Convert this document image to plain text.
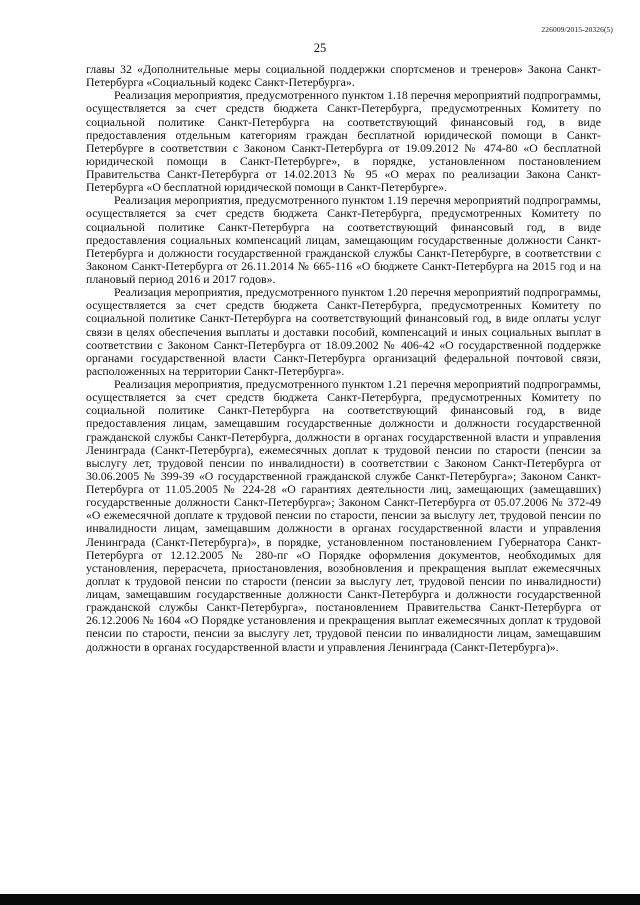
226009/2015-20326(5)
25

главы 32 «Дополнительные меры социальной поддержки спортсменов и тренеров» Закона Санкт-Петербурга «Социальный кодекс Санкт-Петербурга».

Реализация мероприятия, предусмотренного пунктом 1.18 перечня мероприятий подпрограммы, осуществляется за счет средств бюджета Санкт-Петербурга, предусмотренных Комитету по социальной политике Санкт-Петербурга на соответствующий финансовый год, в виде предоставления отдельным категориям граждан бесплатной юридической помощи в Санкт-Петербурге в соответствии с Законом Санкт-Петербурга от 19.09.2012 № 474-80 «О бесплатной юридической помощи в Санкт-Петербурге», в порядке, установленном постановлением Правительства Санкт-Петербурга от 14.02.2013 № 95 «О мерах по реализации Закона Санкт-Петербурга «О бесплатной юридической помощи в Санкт-Петербурге».

Реализация мероприятия, предусмотренного пунктом 1.19 перечня мероприятий подпрограммы, осуществляется за счет средств бюджета Санкт-Петербурга, предусмотренных Комитету по социальной политике Санкт-Петербурга на соответствующий финансовый год, в виде предоставления социальных компенсаций лицам, замещающим государственные должности Санкт-Петербурга и должности государственной гражданской службы Санкт-Петербурге, в соответствии с Законом Санкт-Петербурга от 26.11.2014 № 665-116 «О бюджете Санкт-Петербурга на 2015 год и на плановый период 2016 и 2017 годов».

Реализация мероприятия, предусмотренного пунктом 1.20 перечня мероприятий подпрограммы, осуществляется за счет средств бюджета Санкт-Петербурга, предусмотренных Комитету по социальной политике Санкт-Петербурга на соответствующий финансовый год, в виде оплаты услуг связи в целях обеспечения выплаты и доставки пособий, компенсаций и иных социальных выплат в соответствии с Законом Санкт-Петербурга от 18.09.2002 № 406-42 «О государственной поддержке органами государственной власти Санкт-Петербурга организаций федеральной почтовой связи, расположенных на территории Санкт-Петербурга».

Реализация мероприятия, предусмотренного пунктом 1.21 перечня мероприятий подпрограммы, осуществляется за счет средств бюджета Санкт-Петербурга, предусмотренных Комитету по социальной политике Санкт-Петербурга на соответствующий финансовый год, в виде предоставления лицам, замещавшим государственные должности и должности государственной гражданской службы Санкт-Петербурга, должности в органах государственной власти и управления Ленинграда (Санкт-Петербурга), ежемесячных доплат к трудовой пенсии по старости (пенсии за выслугу лет, трудовой пенсии по инвалидности) в соответствии с Законом Санкт-Петербурга от 30.06.2005 № 399-39 «О государственной гражданской службе Санкт-Петербурга»; Законом Санкт-Петербурга от 11.05.2005 № 224-28 «О гарантиях деятельности лиц, замещающих (замещавших) государственные должности Санкт-Петербурга»; Законом Санкт-Петербурга от 05.07.2006 № 372-49 «О ежемесячной доплате к трудовой пенсии по старости, пенсии за выслугу лет, трудовой пенсии по инвалидности лицам, замещавшим должности в органах государственной власти и управления Ленинграда (Санкт-Петербурга)», в порядке, установленном постановлением Губернатора Санкт-Петербурга от 12.12.2005 № 280-пг «О Порядке оформления документов, необходимых для установления, перерасчета, приостановления, возобновления и прекращения выплат ежемесячных доплат к трудовой пенсии по старости (пенсии за выслугу лет, трудовой пенсии по инвалидности) лицам, замещавшим государственные должности Санкт-Петербурга и должности государственной гражданской службы Санкт-Петербурга», постановлением Правительства Санкт-Петербурга от 26.12.2006 № 1604 «О Порядке установления и прекращения выплат ежемесячных доплат к трудовой пенсии по старости, пенсии за выслугу лет, трудовой пенсии по инвалидности лицам, замещавшим должности в органах государственной власти и управления Ленинграда (Санкт-Петербурга)».
